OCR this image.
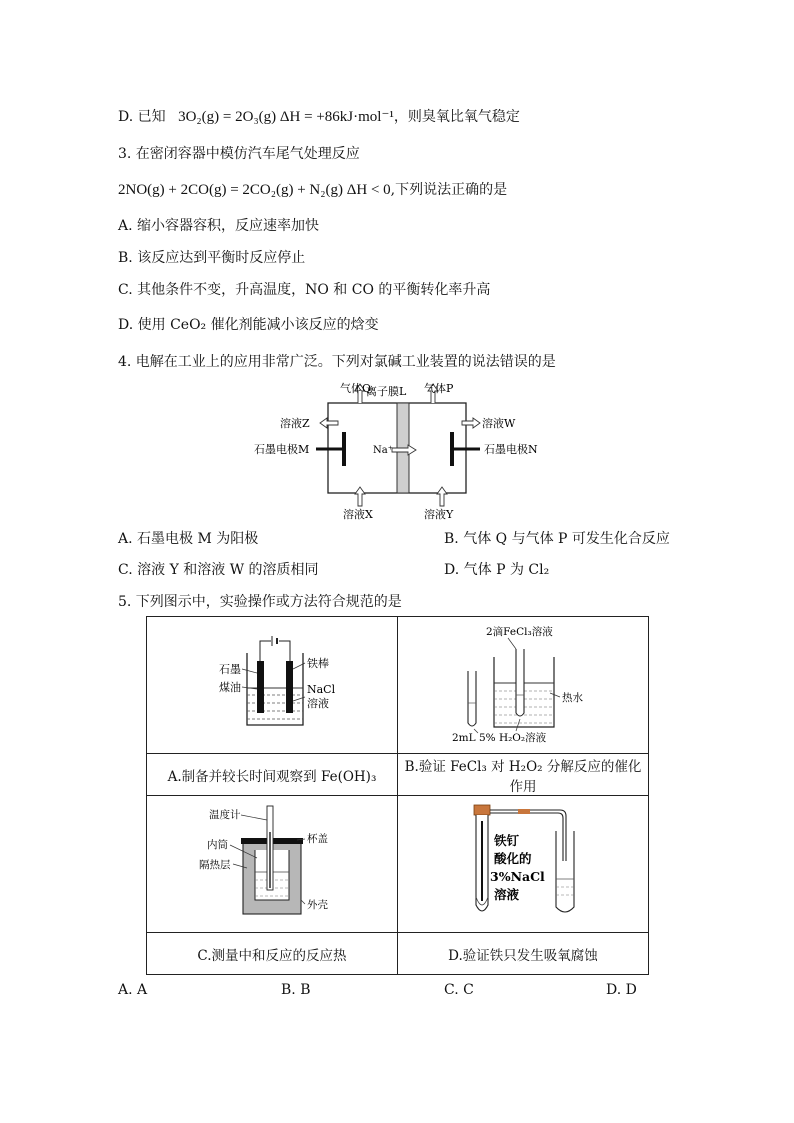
D. 已知 3O₂(g) = 2O₃(g) ΔH = +86kJ·mol⁻¹，则臭氧比氧气稳定
3. 在密闭容器中模仿汽车尾气处理反应
2NO(g) + 2CO(g) = 2CO₂(g) + N₂(g) ΔH < 0,下列说法正确的是
A. 缩小容器容积，反应速率加快
B. 该反应达到平衡时反应停止
C. 其他条件不变，升高温度，NO 和 CO 的平衡转化率升高
D. 使用 CeO₂ 催化剂能减小该反应的焓变
4. 电解在工业上的应用非常广泛。下列对氯碱工业装置的说法错误的是
气体Q
离子膜L 气体P
溶液Z	溶液W
石墨电极M	石墨电极N
Na⁺
溶液X	溶液Y
A. 石墨电极 M 为阳极	B. 气体 Q 与气体 P 可发生化合反应
C. 溶液 Y 和溶液 W 的溶质相同	D. 气体 P 为 Cl₂
5. 下列图示中，实验操作或方法符合规范的是
石墨
煤油
铁棒
NaCl
溶液	2滴FeCl₃溶液
热水
2mL 5% H₂O₂溶液

A.制备并较长时间观察到 Fe(OH)₃	B.验证 FeCl₃ 对 H₂O₂ 分解反应的催化作用

温度计
杯盖
内筒
隔热层
外壳	铁钉
酸化的
3%NaCl
溶液

C.测量中和反应的反应热	D.验证铁只发生吸氧腐蚀
A. A	B. B	C. C	D. D
